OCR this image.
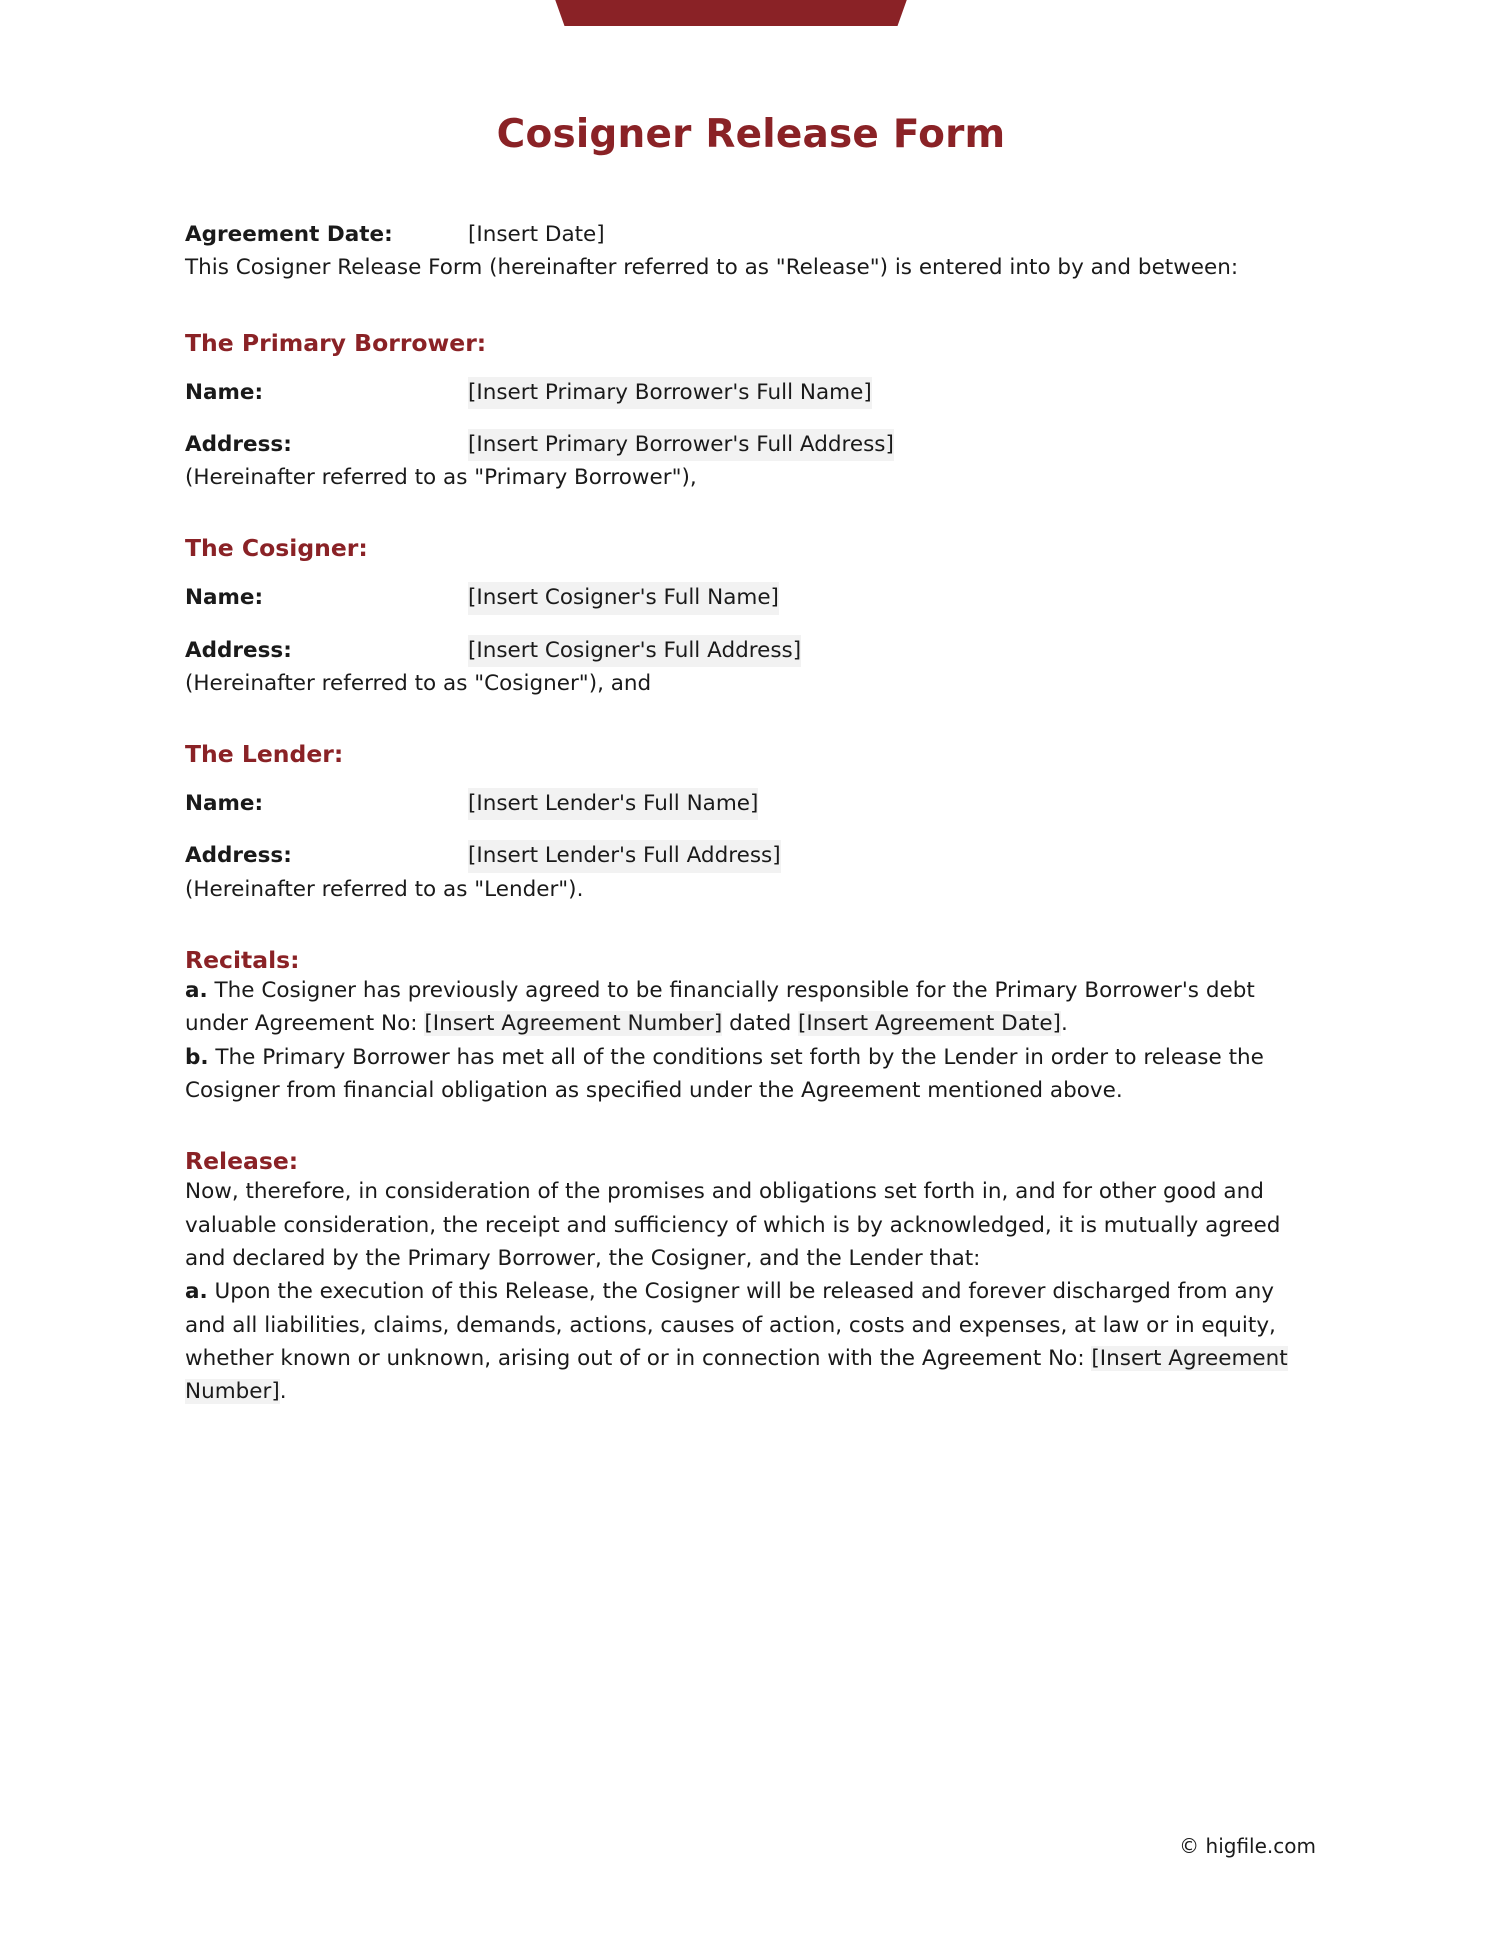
Cosigner Release Form
Agreement Date:	[Insert Date]

This Cosigner Release Form (hereinafter referred to as "Release") is entered into by and between:

The Primary Borrower:
Name:	[Insert Primary Borrower's Full Name]
Address:	[Insert Primary Borrower's Full Address]

(Hereinafter referred to as "Primary Borrower"),

The Cosigner:
Name:	[Insert Cosigner's Full Name]
Address:	[Insert Cosigner's Full Address]

(Hereinafter referred to as "Cosigner"), and

The Lender:
Name:	[Insert Lender's Full Name]
Address:	[Insert Lender's Full Address]

(Hereinafter referred to as "Lender").

Recitals:

a. The Cosigner has previously agreed to be financially responsible for the Primary Borrower's debt under Agreement No: [Insert Agreement Number] dated [Insert Agreement Date].

b. The Primary Borrower has met all of the conditions set forth by the Lender in order to release the Cosigner from financial obligation as specified under the Agreement mentioned above.

Release:

Now, therefore, in consideration of the promises and obligations set forth in, and for other good and valuable consideration, the receipt and sufficiency of which is by acknowledged, it is mutually agreed and declared by the Primary Borrower, the Cosigner, and the Lender that:

a. Upon the execution of this Release, the Cosigner will be released and forever discharged from any and all liabilities, claims, demands, actions, causes of action, costs and expenses, at law or in equity, whether known or unknown, arising out of or in connection with the Agreement No: [Insert Agreement Number].

© higfile.com
